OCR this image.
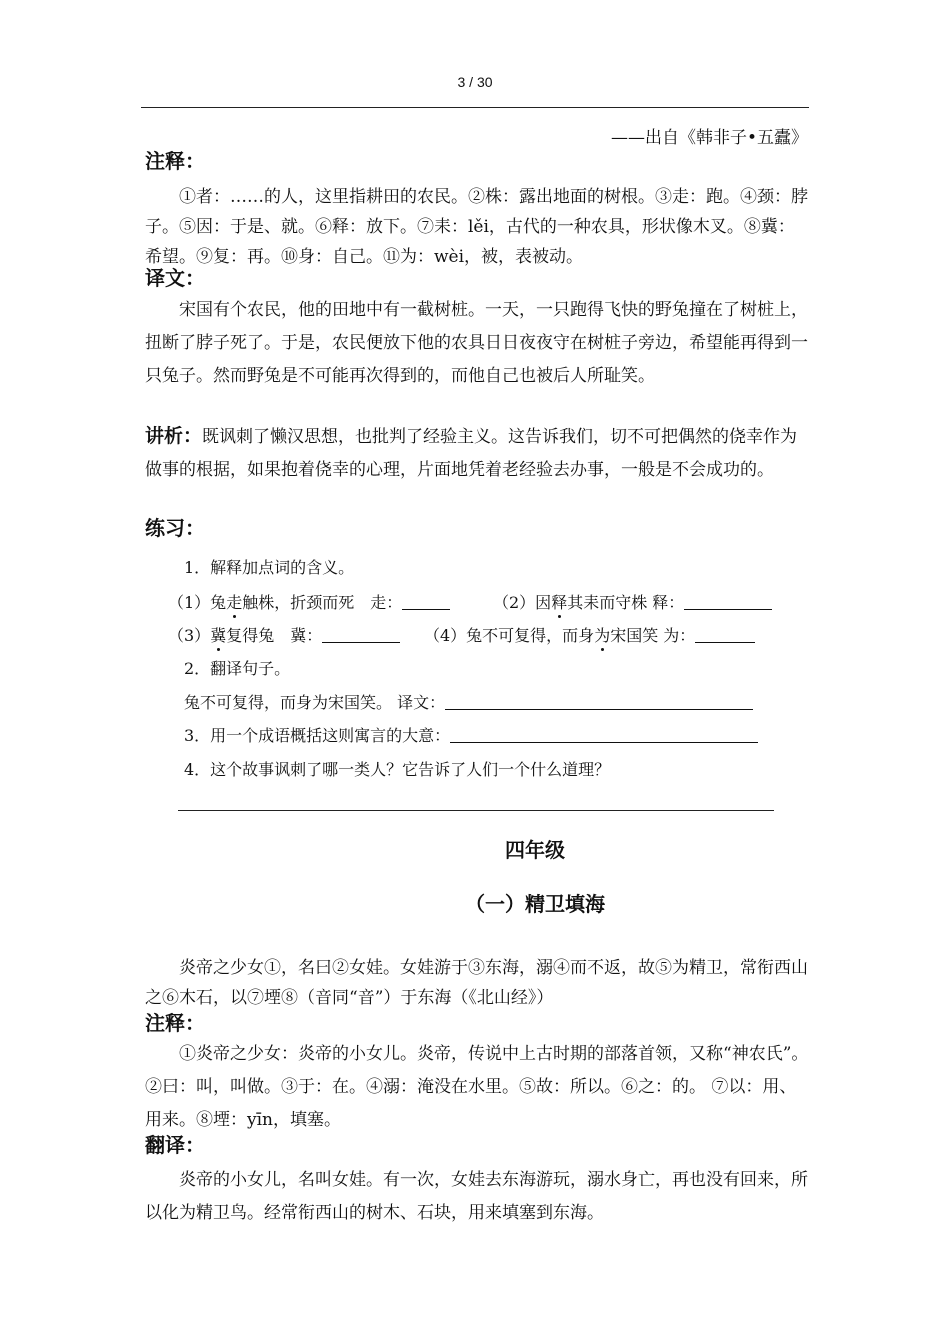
3 / 30
——出自《韩非子•五蠹》
注释：

①者：……的人，这里指耕田的农民。②株：露出地面的树根。③走：跑。④颈：脖子。⑤因：于是、就。⑥释：放下。⑦耒：lěi，古代的一种农具，形状像木叉。⑧冀：希望。⑨复：再。⑩身：自己。⑪为：wèi，被，表被动。

译文：

宋国有个农民，他的田地中有一截树桩。一天，一只跑得飞快的野兔撞在了树桩上，扭断了脖子死了。于是，农民便放下他的农具日日夜夜守在树桩子旁边，希望能再得到一只兔子。然而野兔是不可能再次得到的，而他自己也被后人所耻笑。

讲析：既讽刺了懒汉思想，也批判了经验主义。这告诉我们，切不可把偶然的侥幸作为做事的根据，如果抱着侥幸的心理，片面地凭着老经验去办事，一般是不会成功的。

练习：
1．解释加点词的含义。
（1）兔走触株，折颈而死　走：	（2）因释其耒而守株 释：
（3）冀复得兔　冀：	（4）兔不可复得，而身为宋国笑 为：
2．翻译句子。
兔不可复得，而身为宋国笑。 译文：
3．用一个成语概括这则寓言的大意：
4．这个故事讽刺了哪一类人？它告诉了人们一个什么道理？
四年级
（一）精卫填海

炎帝之少女①，名曰②女娃。女娃游于③东海，溺④而不返，故⑤为精卫，常衔西山之⑥木石，以⑦堙⑧（音同“音”）于东海（《北山经》）

注释：

①炎帝之少女：炎帝的小女儿。炎帝，传说中上古时期的部落首领，又称“神农氏”。②曰：叫，叫做。③于：在。④溺：淹没在水里。⑤故：所以。⑥之：的。 ⑦以：用、用来。⑧堙：yīn，填塞。

翻译：

炎帝的小女儿，名叫女娃。有一次，女娃去东海游玩，溺水身亡，再也没有回来，所以化为精卫鸟。经常衔西山的树木、石块，用来填塞到东海。
